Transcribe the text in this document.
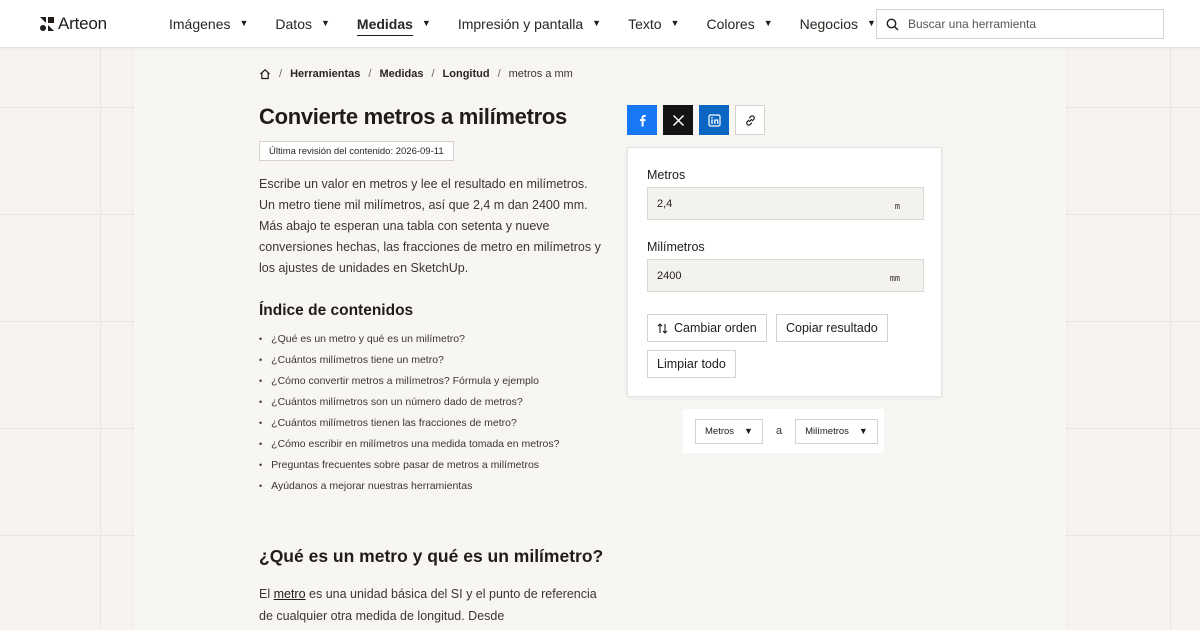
Arteon	Imágenes ▼ Datos ▼ Medidas ▼ Impresión y pantalla ▼ Texto ▼ Colores ▼ Negocios ▼
Buscar una herramienta
/ Herramientas / Medidas / Longitud / metros a mm
Convierte metros a milímetros
Última revisión del contenido: 2026-09-11

Escribe un valor en metros y lee el resultado en milímetros. Un metro tiene mil milímetros, así que 2,4 m dan 2400 mm. Más abajo te esperan una tabla con setenta y nueve conversiones hechas, las fracciones de metro en milímetros y los ajustes de unidades en SketchUp.

Índice de contenidos
• ¿Qué es un metro y qué es un milímetro?
• ¿Cuántos milímetros tiene un metro?
• ¿Cómo convertir metros a milímetros? Fórmula y ejemplo
• ¿Cuántos milímetros son un número dado de metros?
• ¿Cuántos milímetros tienen las fracciones de metro?
• ¿Cómo escribir en milímetros una medida tomada en metros?
• Preguntas frecuentes sobre pasar de metros a milímetros
• Ayúdanos a mejorar nuestras herramientas
¿Qué es un metro y qué es un milímetro?

El metro es una unidad básica del SI y el punto de referencia de cualquier otra medida de longitud. Desde

Metros
2,4
m
Milímetros
2400
mm
Cambiar orden Copiar resultado
Limpiar todo
Metros ▼ a Milímetros ▼
